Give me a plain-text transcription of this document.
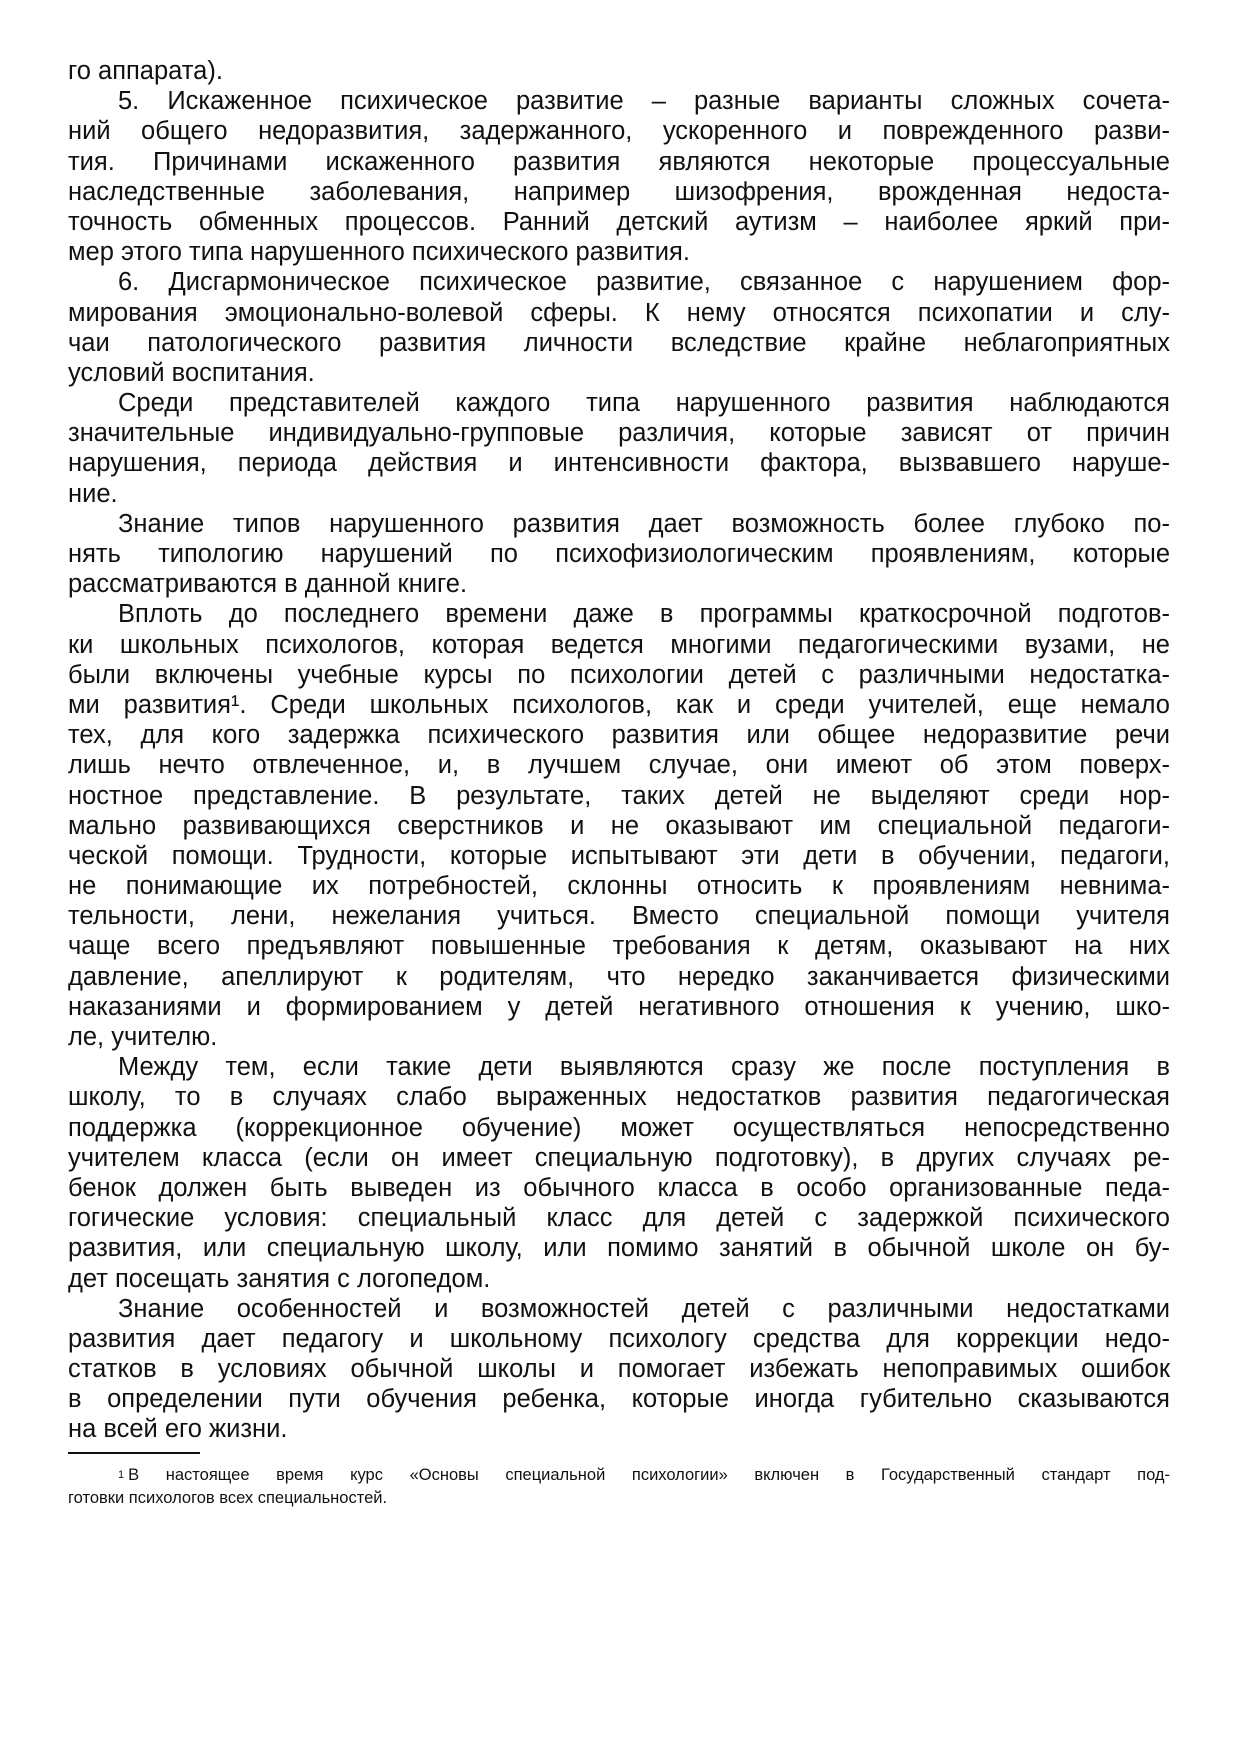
го аппарата).
5. Искаженное психическое развитие – разные варианты сложных сочета-
ний общего недоразвития, задержанного, ускоренного и поврежденного разви-
тия. Причинами искаженного развития являются некоторые процессуальные
наследственные заболевания, например шизофрения, врожденная недоста-
точность обменных процессов. Ранний детский аутизм – наиболее яркий при-
мер этого типа нарушенного психического развития.
6. Дисгармоническое психическое развитие, связанное с нарушением фор-
мирования эмоционально-волевой сферы. К нему относятся психопатии и слу-
чаи патологического развития личности вследствие крайне неблагоприятных
условий воспитания.
Среди представителей каждого типа нарушенного развития наблюдаются
значительные индивидуально-групповые различия, которые зависят от причин
нарушения, периода действия и интенсивности фактора, вызвавшего наруше-
ние.
Знание типов нарушенного развития дает возможность более глубоко по-
нять типологию нарушений по психофизиологическим проявлениям, которые
рассматриваются в данной книге.
Вплоть до последнего времени даже в программы краткосрочной подготов-
ки школьных психологов, которая ведется многими педагогическими вузами, не
были включены учебные курсы по психологии детей с различными недостатка-
ми развития¹. Среди школьных психологов, как и среди учителей, еще немало
тех, для кого задержка психического развития или общее недоразвитие речи
лишь нечто отвлеченное, и, в лучшем случае, они имеют об этом поверх-
ностное представление. В результате, таких детей не выделяют среди нор-
мально развивающихся сверстников и не оказывают им специальной педагоги-
ческой помощи. Трудности, которые испытывают эти дети в обучении, педагоги,
не понимающие их потребностей, склонны относить к проявлениям невнима-
тельности, лени, нежелания учиться. Вместо специальной помощи учителя
чаще всего предъявляют повышенные требования к детям, оказывают на них
давление, апеллируют к родителям, что нередко заканчивается физическими
наказаниями и формированием у детей негативного отношения к учению, шко-
ле, учителю.
Между тем, если такие дети выявляются сразу же после поступления в
школу, то в случаях слабо выраженных недостатков развития педагогическая
поддержка (коррекционное обучение) может осуществляться непосредственно
учителем класса (если он имеет специальную подготовку), в других случаях ре-
бенок должен быть выведен из обычного класса в особо организованные педа-
гогические условия: специальный класс для детей с задержкой психического
развития, или специальную школу, или помимо занятий в обычной школе он бу-
дет посещать занятия с логопедом.
Знание особенностей и возможностей детей с различными недостатками
развития дает педагогу и школьному психологу средства для коррекции недо-
статков в условиях обычной школы и помогает избежать непоправимых ошибок
в определении пути обучения ребенка, которые иногда губительно сказываются
на всей его жизни.
$^1$ В настоящее время курс «Основы специальной психологии» включен в Государственный стандарт под-
готовки психологов всех специальностей.
